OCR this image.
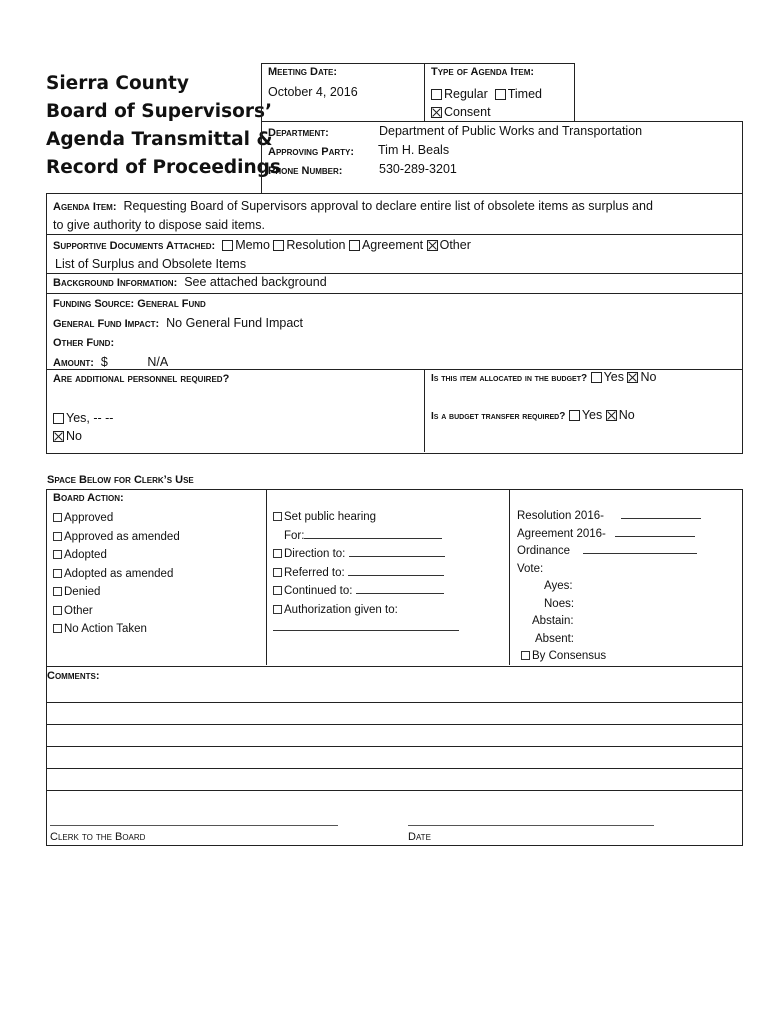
Sierra County
Board of Supervisors’
Agenda Transmittal &
Record of Proceedings
Meeting Date:
October 4, 2016
Type of Agenda Item:
Regular Timed
Consent
Department:	Department of Public Works and Transportation
Approving Party: Tim H. Beals
Phone Number:	530-289-3201
Agenda Item: Requesting Board of Supervisors approval to declare entire list of obsolete items as surplus and
to give authority to dispose said items.
Supportive Documents Attached: Memo Resolution Agreement Other
List of Surplus and Obsolete Items
Background Information: See attached background
Funding Source: General Fund
General Fund Impact: No General Fund Impact
Other Fund:
Amount: $	N/A
Are additional personnel required?
Yes, -- --
No
Is this item allocated in the budget? Yes No
Is a budget transfer required? Yes No
Space Below for Clerk’s Use
Board Action:
Approved
Approved as amended
Adopted
Adopted as amended
Denied
Other
No Action Taken
Set public hearing
For:
Direction to:
Referred to:
Continued to:
Authorization given to:
Resolution 2016-
Agreement 2016-
Ordinance
Vote:
Ayes:
Noes:
Abstain:
Absent:
By Consensus
Comments:
Clerk to the Board	Date
